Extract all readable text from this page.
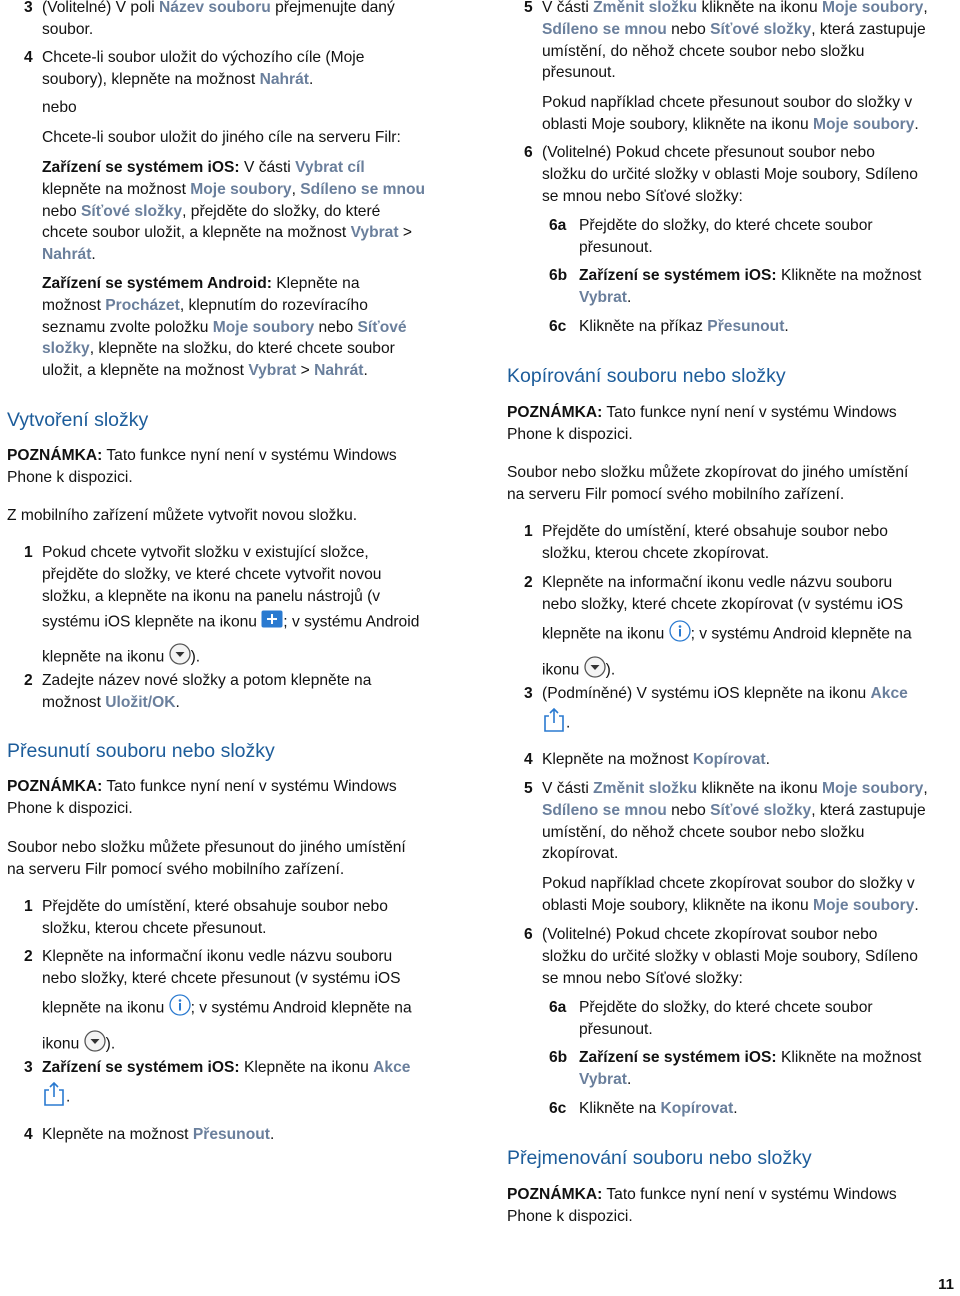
3 (Volitelné) V poli Název souboru přejmenujte daný
soubor.
4 Chcete-li soubor uložit do výchozího cíle (Moje
soubory), klepněte na možnost Nahrát.
nebo
Chcete-li soubor uložit do jiného cíle na serveru Filr:
Zařízení se systémem iOS: V části Vybrat cíl
klepněte na možnost Moje soubory, Sdíleno se mnou
nebo Síťové složky, přejděte do složky, do které
chcete soubor uložit, a klepněte na možnost Vybrat >
Nahrát.
Zařízení se systémem Android: Klepněte na
možnost Procházet, klepnutím do rozevíracího
seznamu zvolte položku Moje soubory nebo Síťové
složky, klepněte na složku, do které chcete soubor
uložit, a klepněte na možnost Vybrat > Nahrát.
Vytvoření složky
POZNÁMKA: Tato funkce nyní není v systému Windows
Phone k dispozici.
Z mobilního zařízení můžete vytvořit novou složku.
1 Pokud chcete vytvořit složku v existující složce,
přejděte do složky, ve které chcete vytvořit novou
složku, a klepněte na ikonu na panelu nástrojů (v
systému iOS klepněte na ikonu ; v systému Android
klepněte na ikonu ).
2 Zadejte název nové složky a potom klepněte na
možnost Uložit/OK.
Přesunutí souboru nebo složky
POZNÁMKA: Tato funkce nyní není v systému Windows
Phone k dispozici.
Soubor nebo složku můžete přesunout do jiného umístění
na serveru Filr pomocí svého mobilního zařízení.
1 Přejděte do umístění, které obsahuje soubor nebo
složku, kterou chcete přesunout.
2 Klepněte na informační ikonu vedle názvu souboru
nebo složky, které chcete přesunout (v systému iOS
klepněte na ikonu ; v systému Android klepněte na
ikonu ).
3 Zařízení se systémem iOS: Klepněte na ikonu Akce
.
4 Klepněte na možnost Přesunout.
5 V části Změnit složku klikněte na ikonu Moje soubory,
Sdíleno se mnou nebo Síťové složky, která zastupuje
umístění, do něhož chcete soubor nebo složku
přesunout.
Pokud například chcete přesunout soubor do složky v
oblasti Moje soubory, klikněte na ikonu Moje soubory.
6 (Volitelné) Pokud chcete přesunout soubor nebo
složku do určité složky v oblasti Moje soubory, Sdíleno
se mnou nebo Síťové složky:
6a Přejděte do složky, do které chcete soubor
přesunout.
6b Zařízení se systémem iOS: Klikněte na možnost
Vybrat.
6c Klikněte na příkaz Přesunout.
Kopírování souboru nebo složky
POZNÁMKA: Tato funkce nyní není v systému Windows
Phone k dispozici.
Soubor nebo složku můžete zkopírovat do jiného umístění
na serveru Filr pomocí svého mobilního zařízení.
1 Přejděte do umístění, které obsahuje soubor nebo
složku, kterou chcete zkopírovat.
2 Klepněte na informační ikonu vedle názvu souboru
nebo složky, které chcete zkopírovat (v systému iOS
klepněte na ikonu ; v systému Android klepněte na
ikonu ).
3 (Podmíněné) V systému iOS klepněte na ikonu Akce
.
4 Klepněte na možnost Kopírovat.
5 V části Změnit složku klikněte na ikonu Moje soubory,
Sdíleno se mnou nebo Síťové složky, která zastupuje
umístění, do něhož chcete soubor nebo složku
zkopírovat.
Pokud například chcete zkopírovat soubor do složky v
oblasti Moje soubory, klikněte na ikonu Moje soubory.
6 (Volitelné) Pokud chcete zkopírovat soubor nebo
složku do určité složky v oblasti Moje soubory, Sdíleno
se mnou nebo Síťové složky:
6a Přejděte do složky, do které chcete soubor
přesunout.
6b Zařízení se systémem iOS: Klikněte na možnost
Vybrat.
6c Klikněte na Kopírovat.
Přejmenování souboru nebo složky
POZNÁMKA: Tato funkce nyní není v systému Windows
Phone k dispozici.
11
